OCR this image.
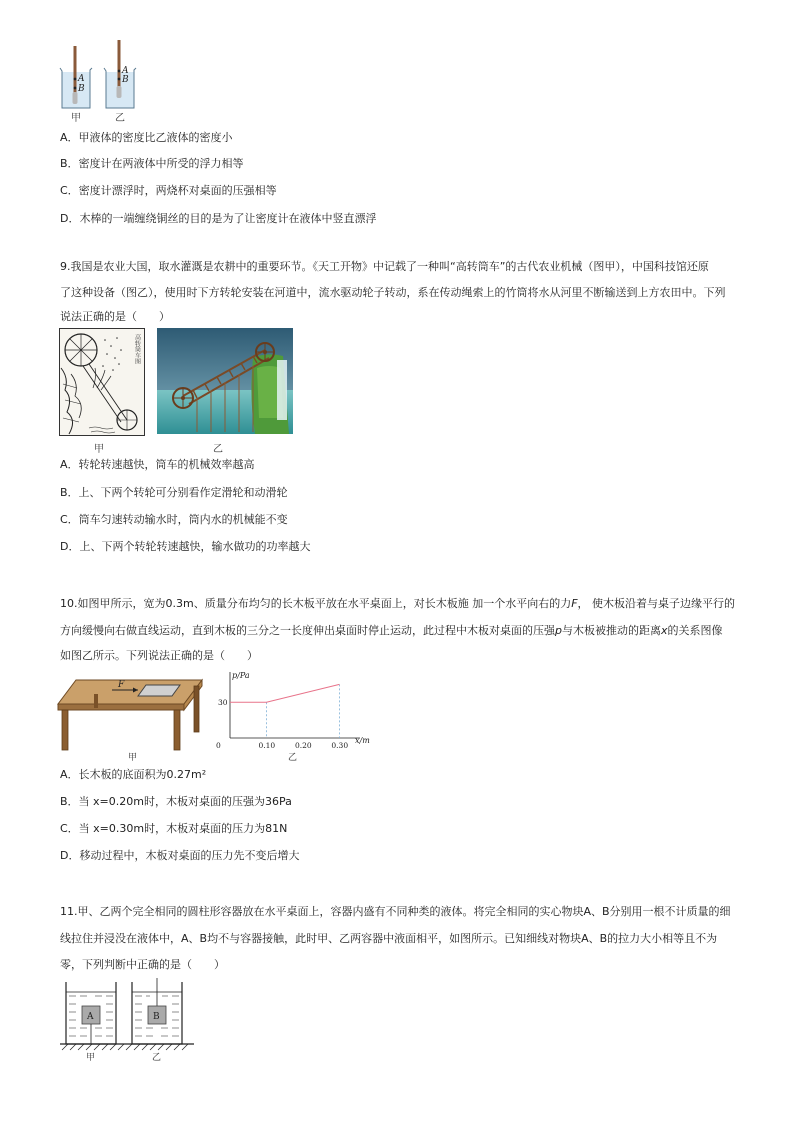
A
B
A
B
甲	乙
A．甲液体的密度比乙液体的密度小
B．密度计在两液体中所受的浮力相等
C．密度计漂浮时，两烧杯对桌面的压强相等
D．木棒的一端缠绕铜丝的目的是为了让密度计在液体中竖直漂浮
9.我国是农业大国，取水灌溉是农耕中的重要环节。《天工开物》中记载了一种叫“高转筒车”的古代农业机械（图甲），中国科技馆还原
了这种设备（图乙），使用时下方转轮安装在河道中，流水驱动轮子转动，系在传动绳索上的竹筒将水从河里不断输送到上方农田中。下列
说法正确的是（　　）
高转筒车图
甲	乙
A．转轮转速越快，筒车的机械效率越高
B．上、下两个转轮可分别看作定滑轮和动滑轮
C．筒车匀速转动输水时，筒内水的机械能不变
D．上、下两个转轮转速越快，输水做功的功率越大
10.如图甲所示，宽为0.3m、质量分布均匀的长木板平放在水平桌面上，对长木板施 加一个水平向右的力F， 使木板沿着与桌子边缘平行的
方向缓慢向右做直线运动，直到木板的三分之一长度伸出桌面时停止运动，此过程中木板对桌面的压强p与木板被推动的距离x的关系图像
如图乙所示。下列说法正确的是（　　）
F
甲
0	0.10	0.20	0.30
30
p/Pa
x/m
乙
A．长木板的底面积为0.27m²
B．当 x=0.20m时，木板对桌面的压强为36Pa
C．当 x=0.30m时，木板对桌面的压力为81N
D．移动过程中，木板对桌面的压力先不变后增大
11.甲、乙两个完全相同的圆柱形容器放在水平桌面上，容器内盛有不同种类的液体。将完全相同的实心物块A、B分别用一根不计质量的细
线拉住并浸没在液体中，A、B均不与容器接触，此时甲、乙两容器中液面相平，如图所示。已知细线对物块A、B的拉力大小相等且不为
零，下列判断中正确的是（　　）
A	B
甲	乙
